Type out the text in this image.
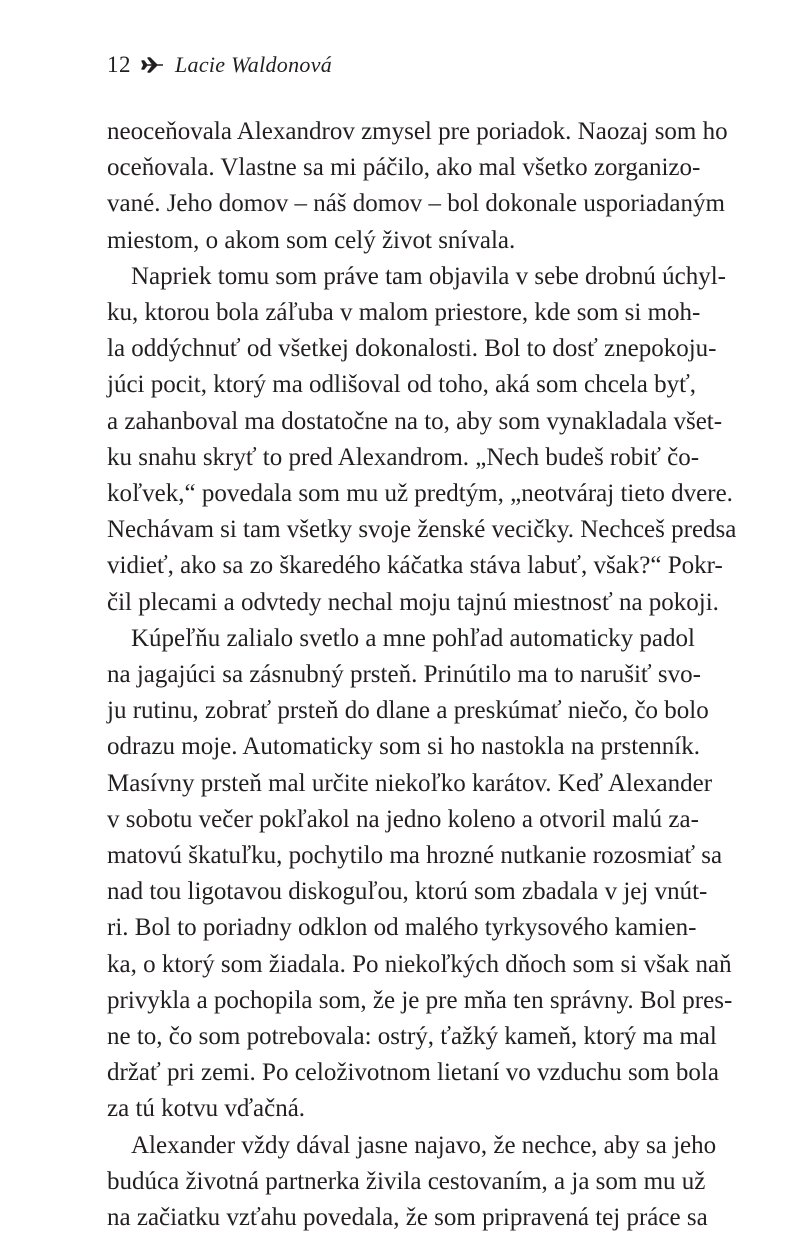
12 Lacie Waldonová
neoceňovala Alexandrov zmysel pre poriadok. Naozaj som ho
oceňovala. Vlastne sa mi páčilo, ako mal všetko zorganizo-
vané. Jeho domov – náš domov – bol dokonale usporiadaným
miestom, o akom som celý život snívala.
Napriek tomu som práve tam objavila v sebe drobnú úchyl-
ku, ktorou bola záľuba v malom priestore, kde som si moh-
la oddýchnuť od všetkej dokonalosti. Bol to dosť znepokoju-
júci pocit, ktorý ma odlišoval od toho, aká som chcela byť,
a zahanboval ma dostatočne na to, aby som vynakladala všet-
ku snahu skryť to pred Alexandrom. „Nech budeš robiť čo-
koľvek,“ povedala som mu už predtým, „neotváraj tieto dvere.
Nechávam si tam všetky svoje ženské vecičky. Nechceš predsa
vidieť, ako sa zo škaredého káčatka stáva labuť, však?“ Pokr-
čil plecami a odvtedy nechal moju tajnú miestnosť na pokoji.
Kúpeľňu zalialo svetlo a mne pohľad automaticky padol
na jagajúci sa zásnubný prsteň. Prinútilo ma to narušiť svo-
ju rutinu, zobrať prsteň do dlane a preskúmať niečo, čo bolo
odrazu moje. Automaticky som si ho nastokla na prstenník.
Masívny prsteň mal určite niekoľko karátov. Keď Alexander
v sobotu večer pokľakol na jedno koleno a otvoril malú za-
matovú škatuľku, pochytilo ma hrozné nutkanie rozosmiať sa
nad tou ligotavou diskoguľou, ktorú som zbadala v jej vnút-
ri. Bol to poriadny odklon od malého tyrkysového kamien-
ka, o ktorý som žiadala. Po niekoľkých dňoch som si však naň
privykla a pochopila som, že je pre mňa ten správny. Bol pres-
ne to, čo som potrebovala: ostrý, ťažký kameň, ktorý ma mal
držať pri zemi. Po celoživotnom lietaní vo vzduchu som bola
za tú kotvu vďačná.
Alexander vždy dával jasne najavo, že nechce, aby sa jeho
budúca životná partnerka živila cestovaním, a ja som mu už
na začiatku vzťahu povedala, že som pripravená tej práce sa
